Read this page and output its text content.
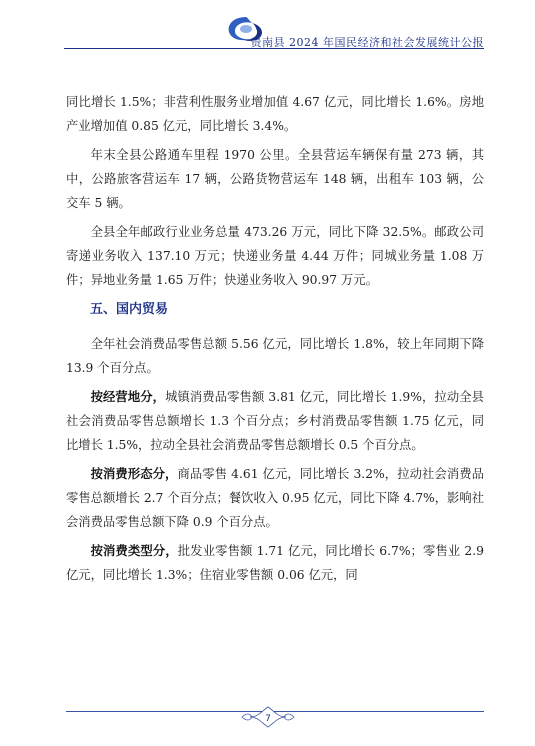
贵南县 2024 年国民经济和社会发展统计公报

同比增长 1.5%；非营利性服务业增加值 4.67 亿元，同比增长 1.6%。房地产业增加值 0.85 亿元，同比增长 3.4%。

年末全县公路通车里程 1970 公里。全县营运车辆保有量 273 辆，其中，公路旅客营运车 17 辆，公路货物营运车 148 辆，出租车 103 辆，公交车 5 辆。

全县全年邮政行业业务总量 473.26 万元，同比下降 32.5%。邮政公司寄递业务收入 137.10 万元；快递业务量 4.44 万件；同城业务量 1.08 万件；异地业务量 1.65 万件；快递业务收入 90.97 万元。

五、国内贸易

全年社会消费品零售总额 5.56 亿元，同比增长 1.8%，较上年同期下降 13.9 个百分点。

按经营地分，城镇消费品零售额 3.81 亿元，同比增长 1.9%，拉动全县社会消费品零售总额增长 1.3 个百分点；乡村消费品零售额 1.75 亿元，同比增长 1.5%，拉动全县社会消费品零售总额增长 0.5 个百分点。

按消费形态分，商品零售 4.61 亿元，同比增长 3.2%，拉动社会消费品零售总额增长 2.7 个百分点；餐饮收入 0.95 亿元，同比下降 4.7%，影响社会消费品零售总额下降 0.9 个百分点。

按消费类型分，批发业零售额 1.71 亿元，同比增长 6.7%；零售业 2.9 亿元，同比增长 1.3%；住宿业零售额 0.06 亿元，同

7
